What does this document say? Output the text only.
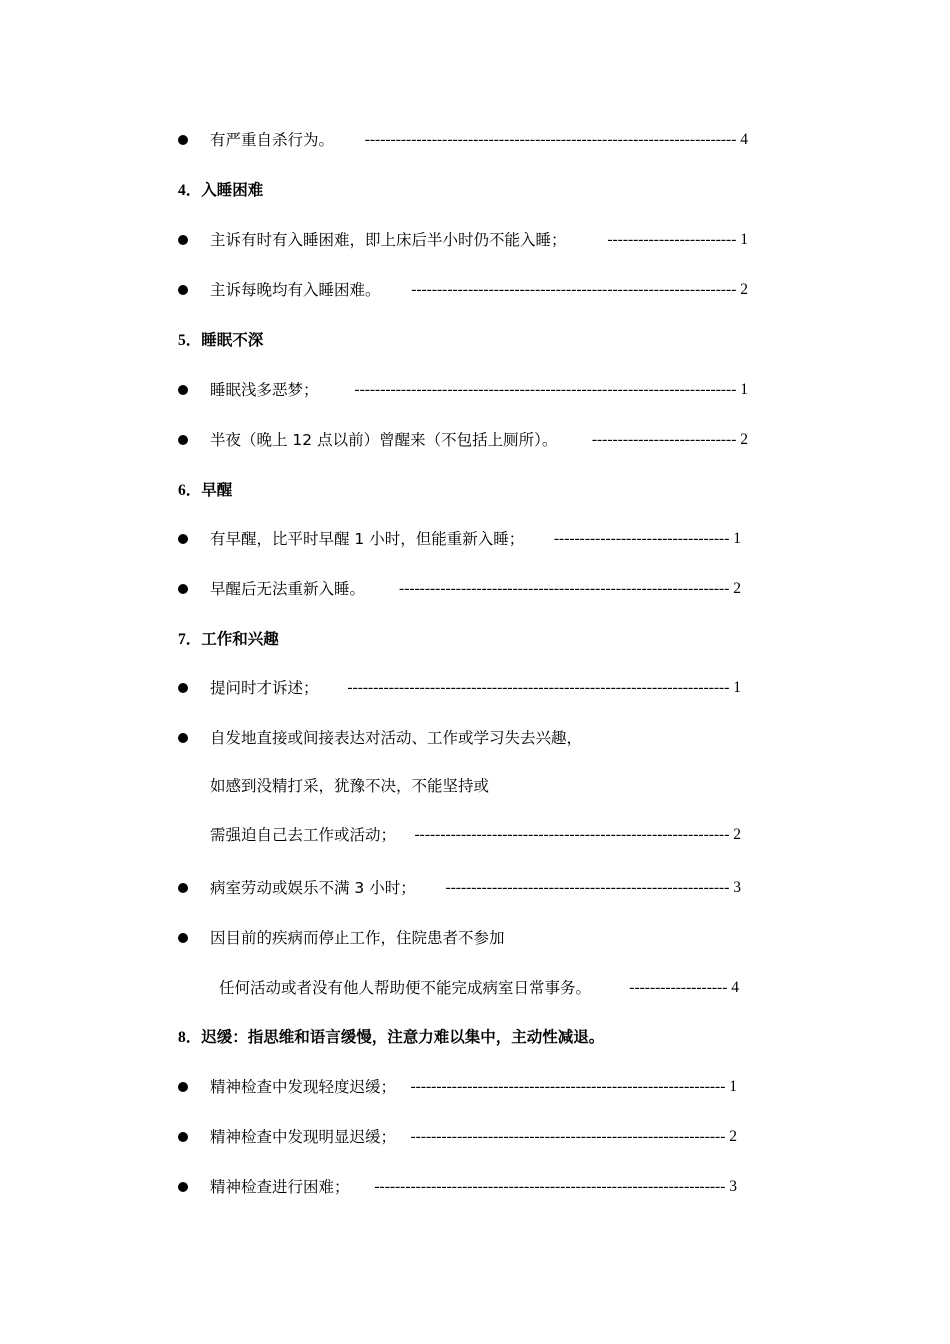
有严重自杀行为。 ------------------------------------------------------------------------ 4
4．入睡困难
主诉有时有入睡困难，即上床后半小时仍不能入睡；	------------------------- 1
主诉每晚均有入睡困难。 --------------------------------------------------------------- 2
5．睡眠不深
睡眠浅多恶梦； -------------------------------------------------------------------------- 1
半夜（晚上 12 点以前）曾醒来（不包括上厕所）。 ---------------------------- 2
6．早醒
有早醒，比平时早醒 1 小时，但能重新入睡； ---------------------------------- 1
早醒后无法重新入睡。 ---------------------------------------------------------------- 2
7．工作和兴趣
提问时才诉述； -------------------------------------------------------------------------- 1
自发地直接或间接表达对活动、工作或学习失去兴趣，
如感到没精打采，犹豫不决，不能坚持或
需强迫自己去工作或活动； ------------------------------------------------------------- 2
病室劳动或娱乐不满 3 小时； ------------------------------------------------------- 3
因目前的疾病而停止工作，住院患者不参加
任何活动或者没有他人帮助便不能完成病室日常事务。 ------------------- 4
8．迟缓：指思维和语言缓慢，注意力难以集中，主动性减退。
精神检查中发现轻度迟缓； ------------------------------------------------------------- 1
精神检查中发现明显迟缓； ------------------------------------------------------------- 2
精神检查进行困难； -------------------------------------------------------------------- 3
